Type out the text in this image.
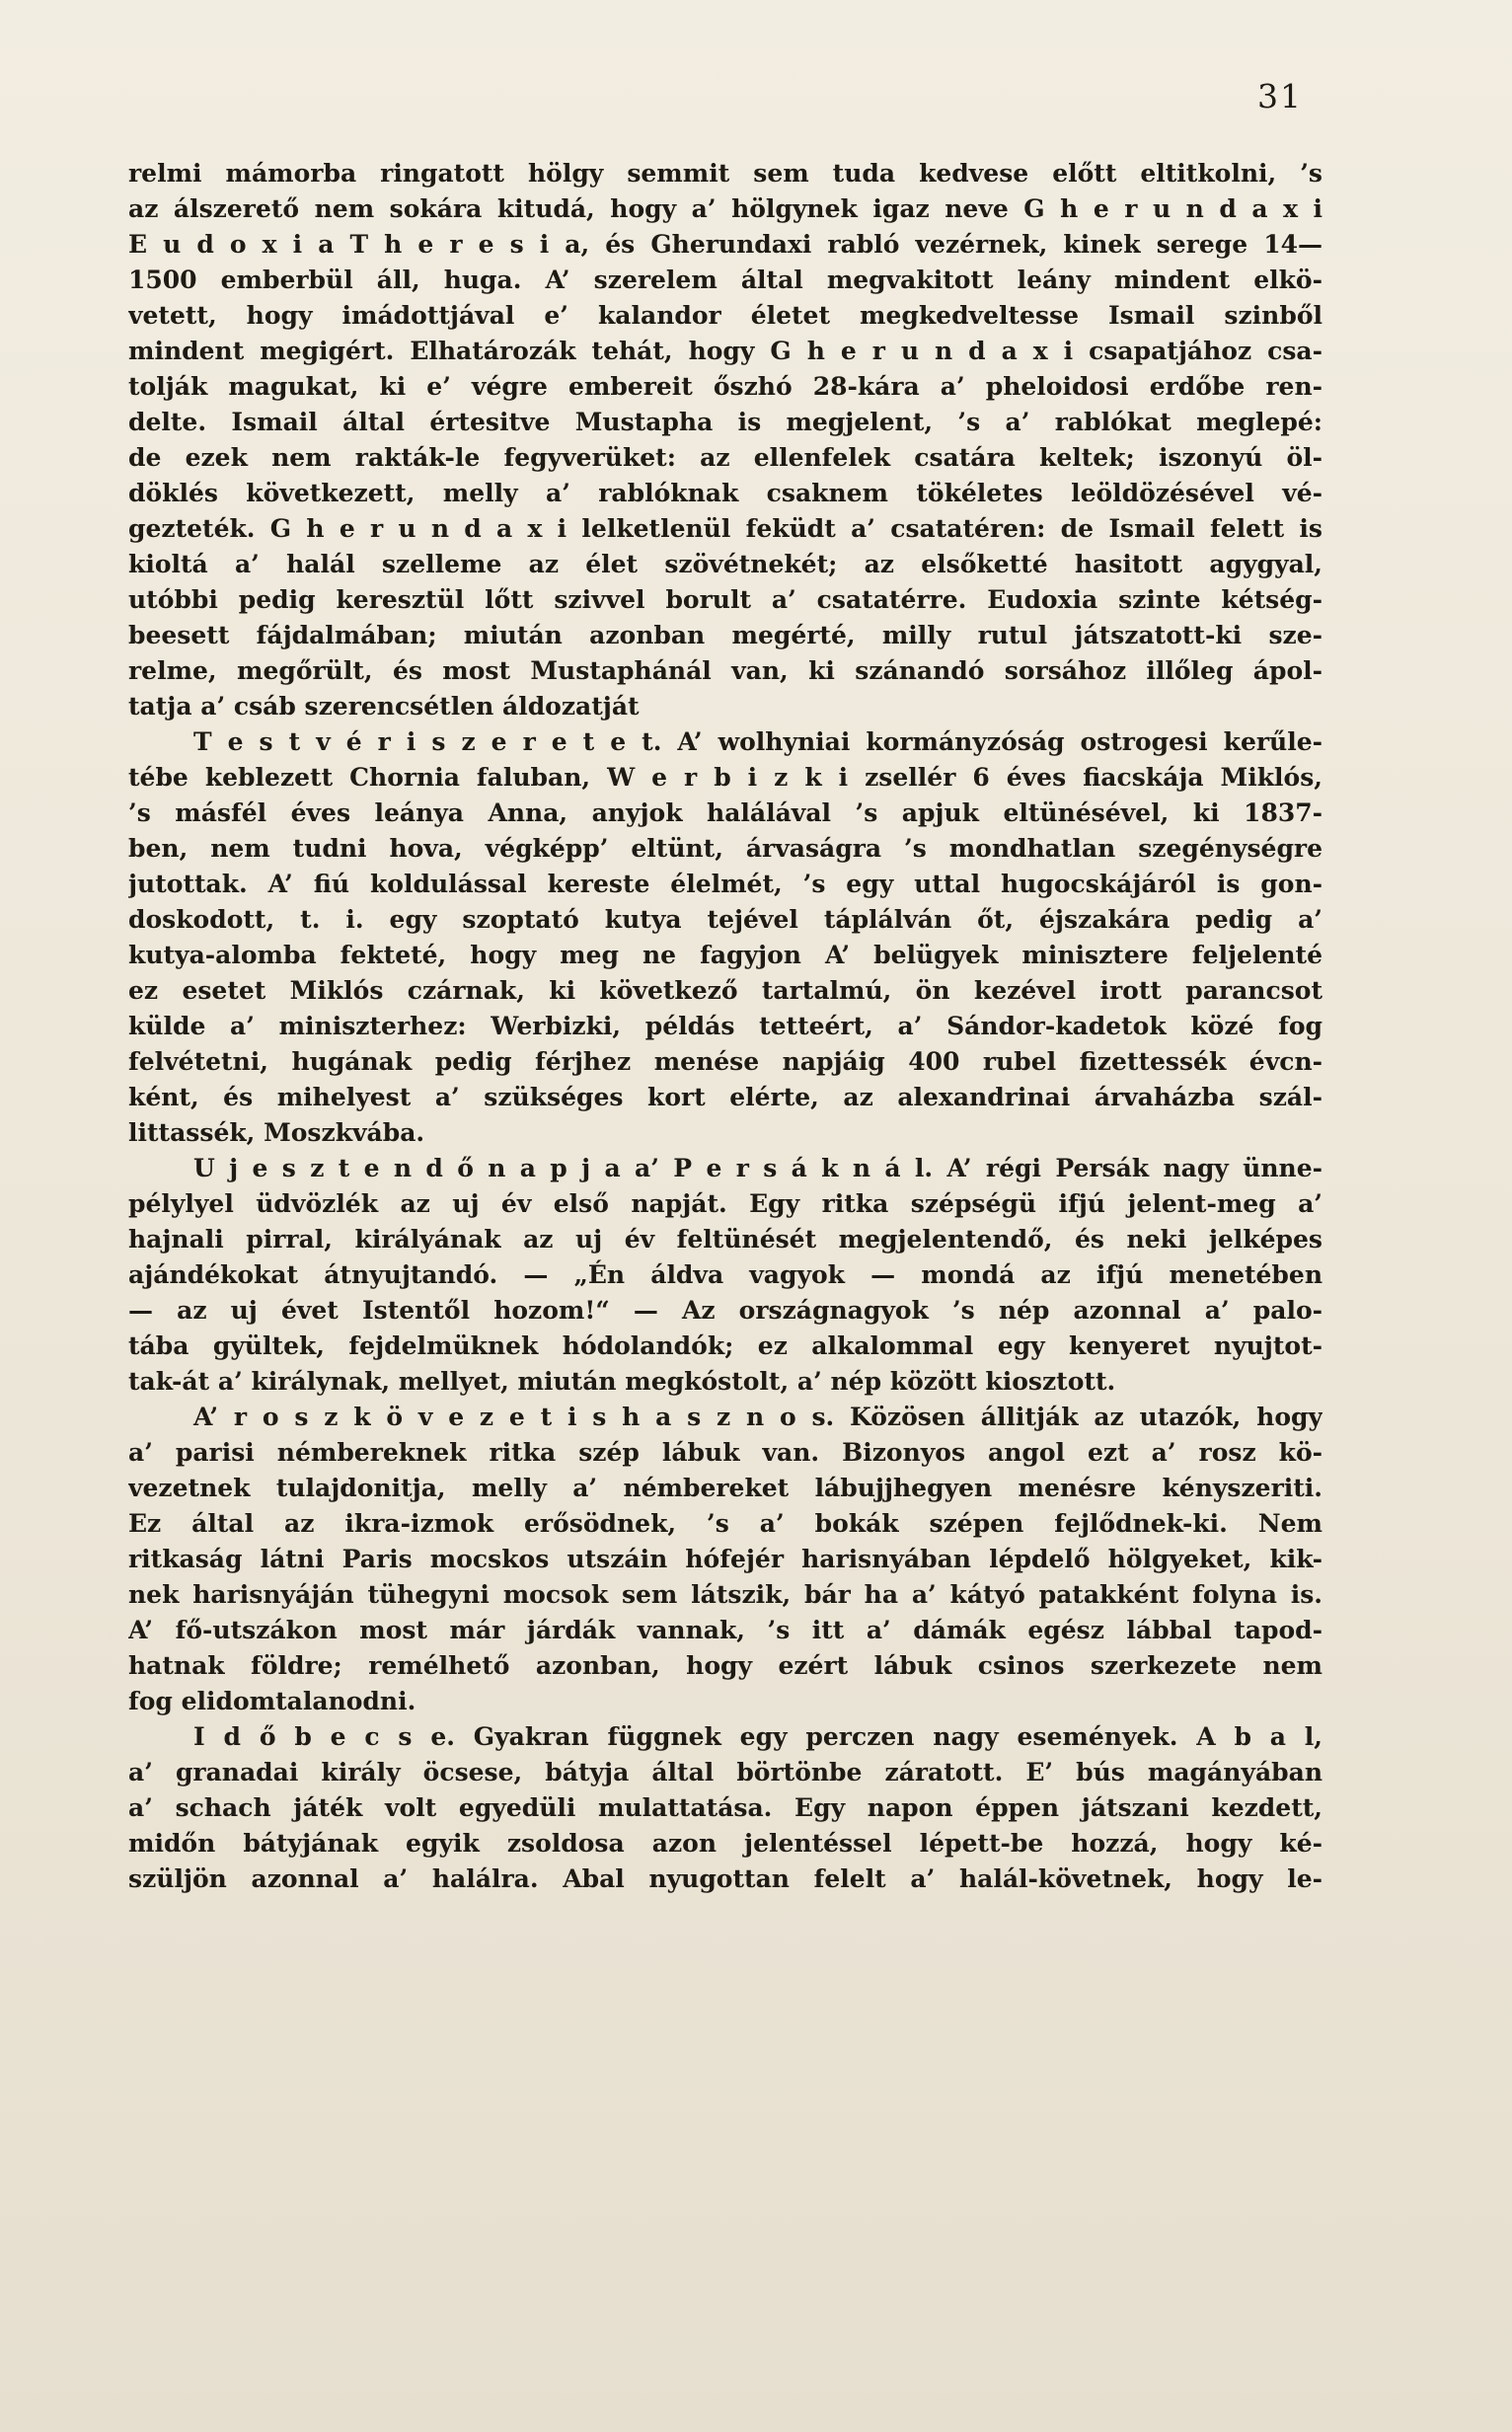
31
relmi mámorba ringatott hölgy semmit sem tuda kedvese előtt eltitkolni, ’s
az álszerető nem sokára kitudá, hogy a’ hölgynek igaz neve G h e r u n d a x i
E u d o x i a T h e r e s i a, és Gherundaxi rabló vezérnek, kinek serege 14—
1500 emberbül áll, huga. A’ szerelem által megvakitott leány mindent elkö-
vetett, hogy imádottjával e’ kalandor életet megkedveltesse Ismail szinből
mindent megigért. Elhatározák tehát, hogy G h e r u n d a x i csapatjához csa-
tolják magukat, ki e’ végre embereit őszhó 28-kára a’ pheloidosi erdőbe ren-
delte. Ismail által értesitve Mustapha is megjelent, ’s a’ rablókat meglepé:
de ezek nem rakták-le fegyverüket: az ellenfelek csatára keltek; iszonyú öl-
döklés következett, melly a’ rablóknak csaknem tökéletes leöldözésével vé-
gezteték. G h e r u n d a x i lelketlenül feküdt a’ csatatéren: de Ismail felett is
kioltá a’ halál szelleme az élet szövétnekét; az elsőketté hasitott agygyal,
utóbbi pedig keresztül lőtt szivvel borult a’ csatatérre. Eudoxia szinte kétség-
beesett fájdalmában; miután azonban megérté, milly rutul játszatott-ki sze-
relme, megőrült, és most Mustaphánál van, ki szánandó sorsához illőleg ápol-
tatja a’ csáb szerencsétlen áldozatját
T e s t v é r i s z e r e t e t. A’ wolhyniai kormányzóság ostrogesi kerűle-
tébe keblezett Chornia faluban, W e r b i z k i zsellér 6 éves fiacskája Miklós,
’s másfél éves leánya Anna, anyjok halálával ’s apjuk eltünésével, ki 1837-
ben, nem tudni hova, végképp’ eltünt, árvaságra ’s mondhatlan szegénységre
jutottak. A’ fiú koldulással kereste élelmét, ’s egy uttal hugocskájáról is gon-
doskodott, t. i. egy szoptató kutya tejével táplálván őt, éjszakára pedig a’
kutya-alomba fekteté, hogy meg ne fagyjon A’ belügyek minisztere feljelenté
ez esetet Miklós czárnak, ki következő tartalmú, ön kezével irott parancsot
külde a’ miniszterhez: Werbizki, példás tetteért, a’ Sándor-kadetok közé fog
felvétetni, hugának pedig férjhez menése napjáig 400 rubel fizettessék évcn-
ként, és mihelyest a’ szükséges kort elérte, az alexandrinai árvaházba szál-
littassék, Moszkvába.
U j e s z t e n d ő n a p j a a’ P e r s á k n á l. A’ régi Persák nagy ünne-
pélylyel üdvözlék az uj év első napját. Egy ritka szépségü ifjú jelent-meg a’
hajnali pirral, királyának az uj év feltünését megjelentendő, és neki jelképes
ajándékokat átnyujtandó. — „Én áldva vagyok — mondá az ifjú menetében
— az uj évet Istentől hozom!“ — Az országnagyok ’s nép azonnal a’ palo-
tába gyültek, fejdelmüknek hódolandók; ez alkalommal egy kenyeret nyujtot-
tak-át a’ királynak, mellyet, miután megkóstolt, a’ nép között kiosztott.
A’ r o s z k ö v e z e t i s h a s z n o s. Közösen állitják az utazók, hogy
a’ parisi némbereknek ritka szép lábuk van. Bizonyos angol ezt a’ rosz kö-
vezetnek tulajdonitja, melly a’ némbereket lábujjhegyen menésre kényszeriti.
Ez által az ikra-izmok erősödnek, ’s a’ bokák szépen fejlődnek-ki. Nem
ritkaság látni Paris mocskos utszáin hófejér harisnyában lépdelő hölgyeket, kik-
nek harisnyáján tühegyni mocsok sem látszik, bár ha a’ kátyó patakként folyna is.
A’ fő-utszákon most már járdák vannak, ’s itt a’ dámák egész lábbal tapod-
hatnak földre; remélhető azonban, hogy ezért lábuk csinos szerkezete nem
fog elidomtalanodni.
I d ő b e c s e. Gyakran függnek egy perczen nagy események. A b a l,
a’ granadai király öcsese, bátyja által börtönbe záratott. E’ bús magányában
a’ schach játék volt egyedüli mulattatása. Egy napon éppen játszani kezdett,
midőn bátyjának egyik zsoldosa azon jelentéssel lépett-be hozzá, hogy ké-
szüljön azonnal a’ halálra. Abal nyugottan felelt a’ halál-követnek, hogy le-
